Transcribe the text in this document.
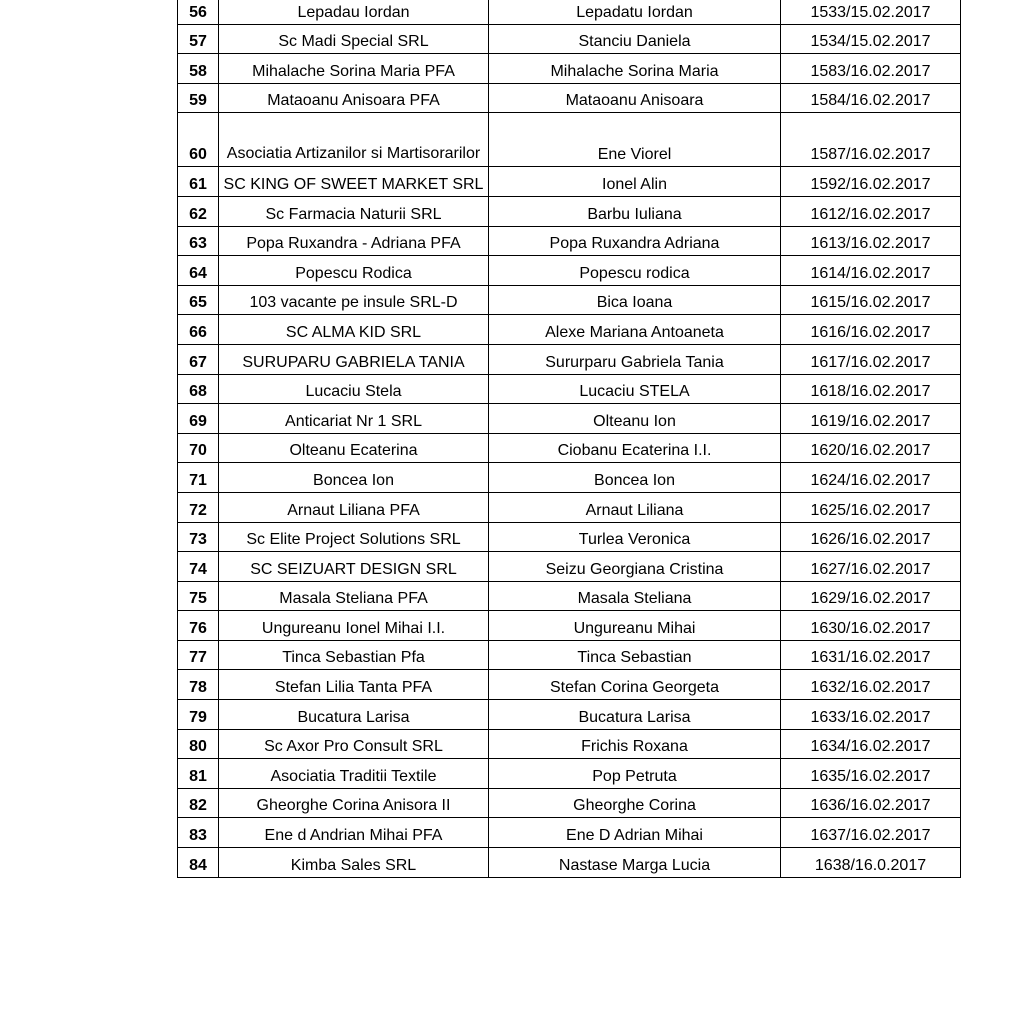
56	Lepadau Iordan	Lepadatu Iordan	1533/15.02.2017
57	Sc Madi Special SRL	Stanciu Daniela	1534/15.02.2017
58	Mihalache Sorina Maria PFA	Mihalache Sorina Maria	1583/16.02.2017
59	Mataoanu Anisoara PFA	Mataoanu Anisoara	1584/16.02.2017
60	Asociatia Artizanilor si Martisorarilor	Ene Viorel	1587/16.02.2017
61	SC KING OF SWEET MARKET SRL	Ionel Alin	1592/16.02.2017
62	Sc Farmacia Naturii SRL	Barbu Iuliana	1612/16.02.2017
63	Popa Ruxandra - Adriana PFA	Popa Ruxandra Adriana	1613/16.02.2017
64	Popescu Rodica	Popescu rodica	1614/16.02.2017
65	103 vacante pe insule SRL-D	Bica Ioana	1615/16.02.2017
66	SC ALMA KID SRL	Alexe Mariana Antoaneta	1616/16.02.2017
67	SURUPARU GABRIELA TANIA	Sururparu Gabriela Tania	1617/16.02.2017
68	Lucaciu Stela	Lucaciu STELA	1618/16.02.2017
69	Anticariat Nr 1 SRL	Olteanu Ion	1619/16.02.2017
70	Olteanu Ecaterina	Ciobanu Ecaterina I.I.	1620/16.02.2017
71	Boncea Ion	Boncea Ion	1624/16.02.2017
72	Arnaut Liliana PFA	Arnaut Liliana	1625/16.02.2017
73	Sc Elite Project Solutions SRL	Turlea Veronica	1626/16.02.2017
74	SC SEIZUART DESIGN SRL	Seizu Georgiana Cristina	1627/16.02.2017
75	Masala Steliana PFA	Masala Steliana	1629/16.02.2017
76	Ungureanu Ionel Mihai I.I.	Ungureanu Mihai	1630/16.02.2017
77	Tinca Sebastian Pfa	Tinca Sebastian	1631/16.02.2017
78	Stefan Lilia Tanta PFA	Stefan Corina Georgeta	1632/16.02.2017
79	Bucatura Larisa	Bucatura Larisa	1633/16.02.2017
80	Sc Axor Pro Consult SRL	Frichis Roxana	1634/16.02.2017
81	Asociatia Traditii Textile	Pop Petruta	1635/16.02.2017
82	Gheorghe Corina Anisora II	Gheorghe Corina	1636/16.02.2017
83	Ene d Andrian Mihai PFA	Ene D Adrian Mihai	1637/16.02.2017
84	Kimba Sales SRL	Nastase Marga Lucia	1638/16.0.2017
